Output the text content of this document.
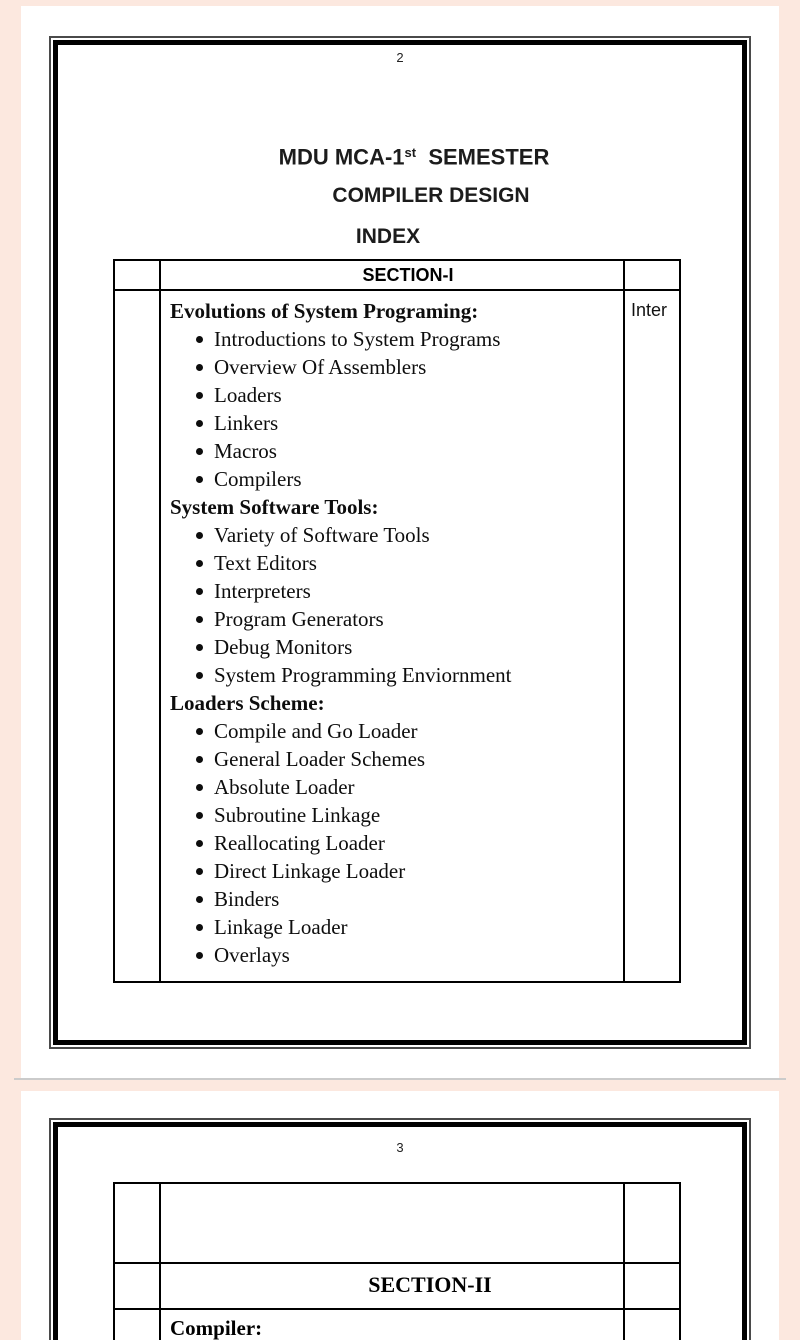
2
MDU MCA-1st  SEMESTER
COMPILER DESIGN
INDEX
SECTION-I
Evolutions of System Programing:
Introductions to System Programs
Overview Of Assemblers
Loaders
Linkers
Macros
Compilers
System Software Tools:
Variety of Software Tools
Text Editors
Interpreters
Program Generators
Debug Monitors
System Programming Enviornment
Loaders Scheme:
Compile and Go Loader
General Loader Schemes
Absolute Loader
Subroutine Linkage
Reallocating Loader
Direct Linkage Loader
Binders
Linkage Loader
Overlays
Inter
3
SECTION-II
Compiler:
